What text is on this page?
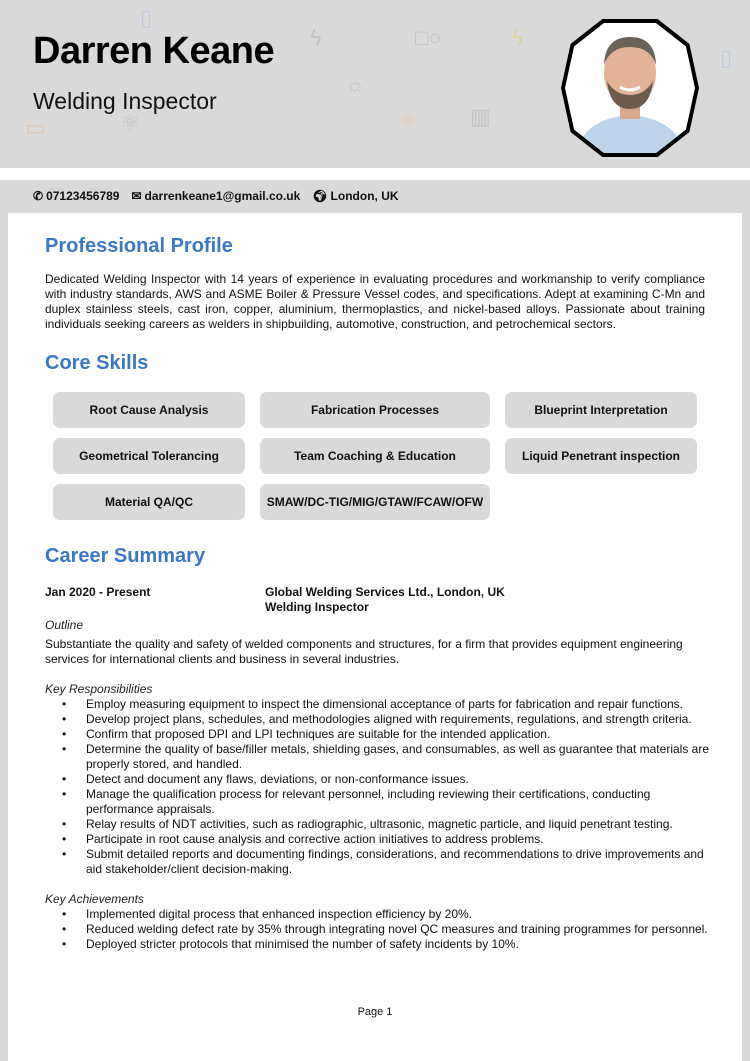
▯
ϟ	□○	ϟ
☼
⚛
⚛
▭	▥
▯
Darren Keane
Welding Inspector
✆ 07123456789 ✉ darrenkeane1@gmail.co.uk 🌍︎ London, UK
Professional Profile

Dedicated Welding Inspector with 14 years of experience in evaluating procedures and workmanship to verify compliance with industry standards, AWS and ASME Boiler & Pressure Vessel codes, and specifications. Adept at examining C-Mn and duplex stainless steels, cast iron, copper, aluminium, thermoplastics, and nickel-based alloys. Passionate about training individuals seeking careers as welders in shipbuilding, automotive, construction, and petrochemical sectors.

Core Skills
Root Cause Analysis	Fabrication Processes	Blueprint Interpretation
Geometrical Tolerancing	Team Coaching & Education	Liquid Penetrant inspection
Material QA/QC	SMAW/DC-TIG/MIG/GTAW/FCAW/OFW
Career Summary
Jan 2020 - Present	Global Welding Services Ltd., London, UK
Welding Inspector
Outline

Substantiate the quality and safety of welded components and structures, for a firm that provides equipment engineering services for international clients and business in several industries.

Key Responsibilities
• Employ measuring equipment to inspect the dimensional acceptance of parts for fabrication and repair functions.
• Develop project plans, schedules, and methodologies aligned with requirements, regulations, and strength criteria.
• Confirm that proposed DPI and LPI techniques are suitable for the intended application.
• Determine the quality of base/filler metals, shielding gases, and consumables, as well as guarantee that materials are properly stored, and handled.
• Detect and document any flaws, deviations, or non-conformance issues.
• Manage the qualification process for relevant personnel, including reviewing their certifications, conducting performance appraisals.
• Relay results of NDT activities, such as radiographic, ultrasonic, magnetic particle, and liquid penetrant testing.
• Participate in root cause analysis and corrective action initiatives to address problems.
• Submit detailed reports and documenting findings, considerations, and recommendations to drive improvements and aid stakeholder/client decision-making.
Key Achievements
• Implemented digital process that enhanced inspection efficiency by 20%.
• Reduced welding defect rate by 35% through integrating novel QC measures and training programmes for personnel.
• Deployed stricter protocols that minimised the number of safety incidents by 10%.
Page 1
